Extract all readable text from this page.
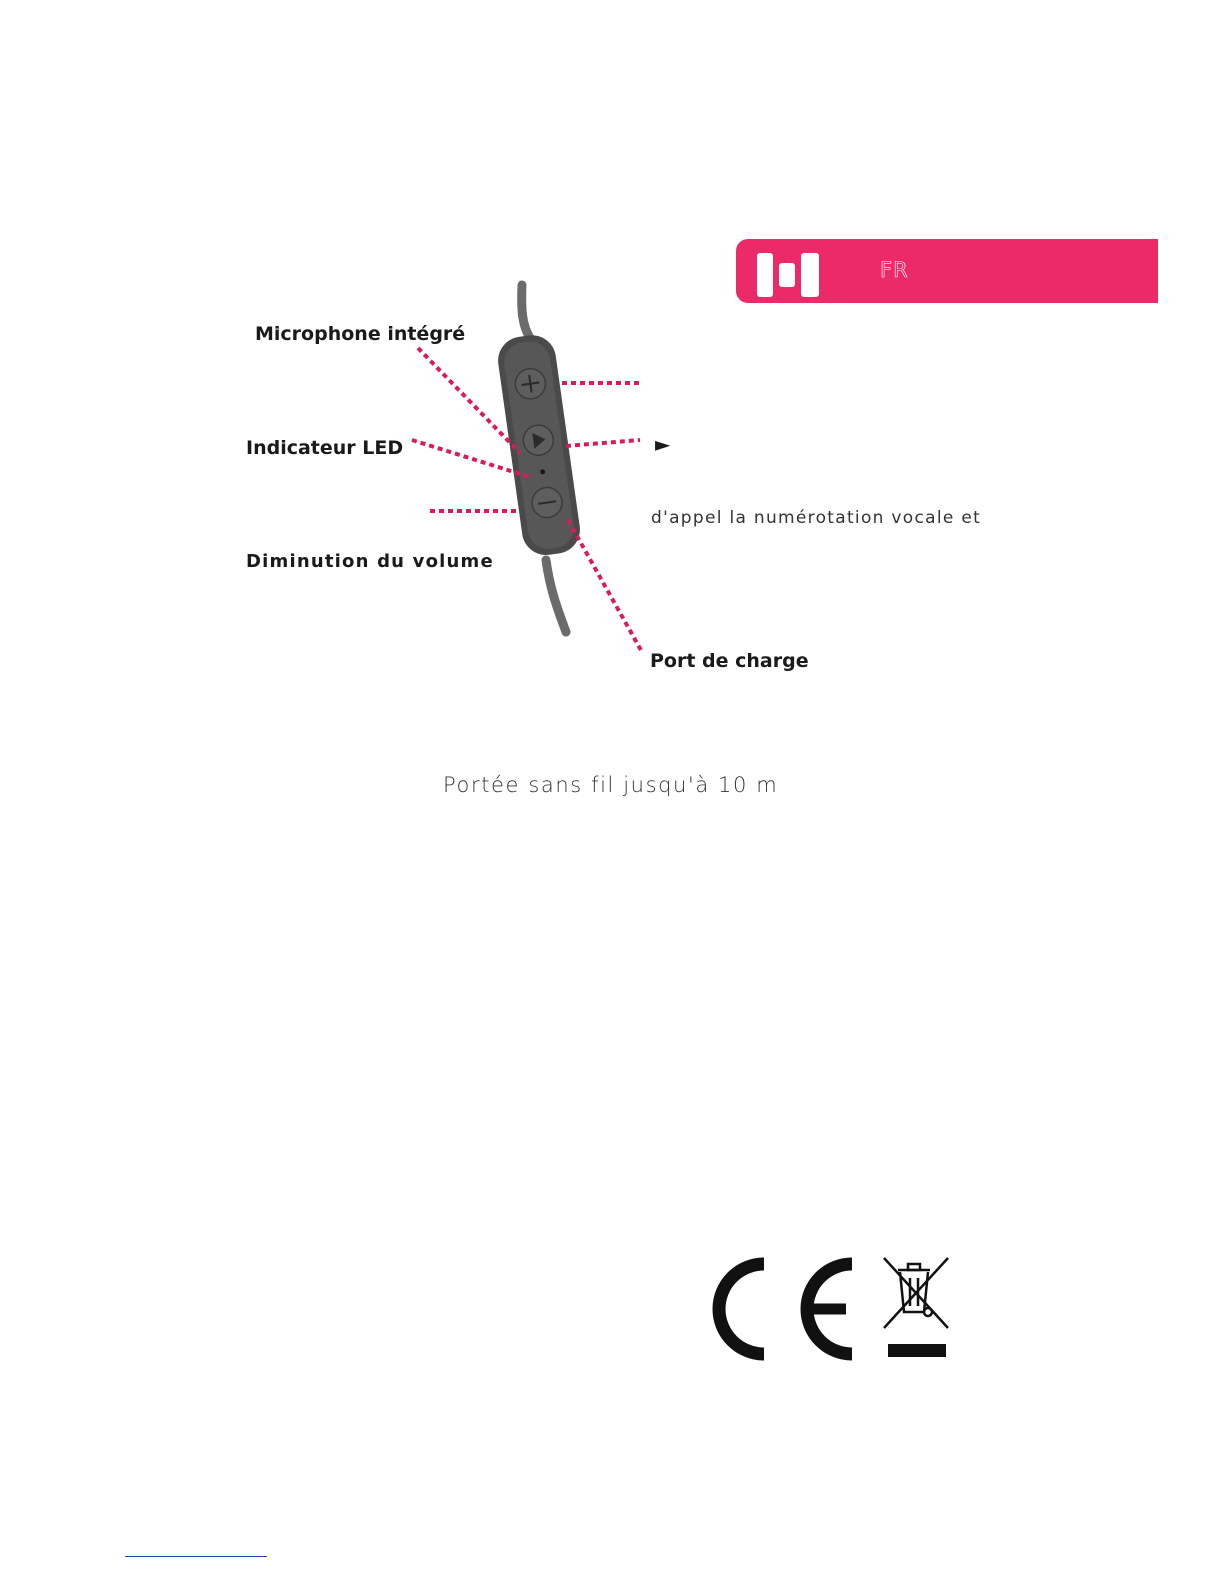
FR
Microphone intégré
Indicateur LED
Diminution du volume
Port de charge
►
d'appel la numérotation vocale et
Portée sans fil jusqu'à 10 m
